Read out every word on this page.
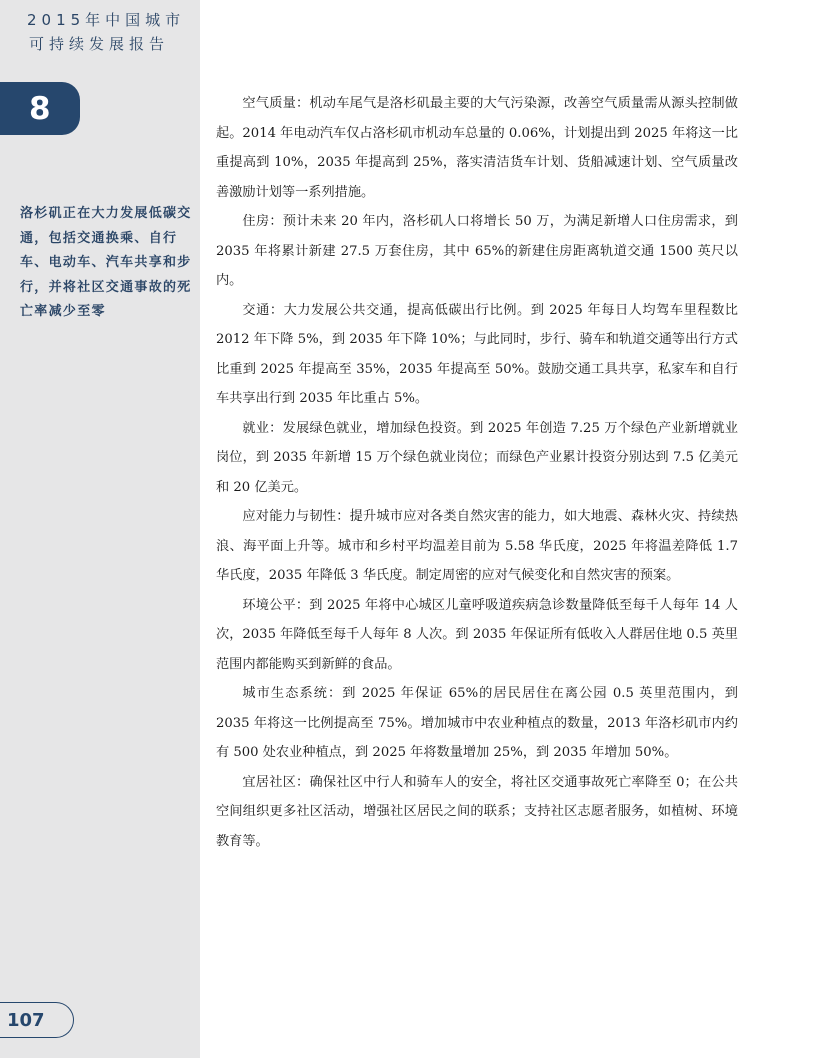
2015年中国城市
可持续发展报告
8
洛杉矶正在大力发展低碳交通，包括交通换乘、自行车、电动车、汽车共享和步行，并将社区交通事故的死亡率减少至零
107

空气质量：机动车尾气是洛杉矶最主要的大气污染源，改善空气质量需从源头控制做起。2014 年电动汽车仅占洛杉矶市机动车总量的 0.06%，计划提出到 2025 年将这一比重提高到 10%，2035 年提高到 25%，落实清洁货车计划、货船减速计划、空气质量改善激励计划等一系列措施。

住房：预计未来 20 年内，洛杉矶人口将增长 50 万，为满足新增人口住房需求，到 2035 年将累计新建 27.5 万套住房，其中 65%的新建住房距离轨道交通 1500 英尺以内。

交通：大力发展公共交通，提高低碳出行比例。到 2025 年每日人均驾车里程数比 2012 年下降 5%，到 2035 年下降 10%；与此同时，步行、骑车和轨道交通等出行方式比重到 2025 年提高至 35%，2035 年提高至 50%。鼓励交通工具共享，私家车和自行车共享出行到 2035 年比重占 5%。

就业：发展绿色就业，增加绿色投资。到 2025 年创造 7.25 万个绿色产业新增就业岗位，到 2035 年新增 15 万个绿色就业岗位；而绿色产业累计投资分别达到 7.5 亿美元和 20 亿美元。

应对能力与韧性：提升城市应对各类自然灾害的能力，如大地震、森林火灾、持续热浪、海平面上升等。城市和乡村平均温差目前为 5.58 华氏度，2025 年将温差降低 1.7 华氏度，2035 年降低 3 华氏度。制定周密的应对气候变化和自然灾害的预案。

环境公平：到 2025 年将中心城区儿童呼吸道疾病急诊数量降低至每千人每年 14 人次，2035 年降低至每千人每年 8 人次。到 2035 年保证所有低收入人群居住地 0.5 英里范围内都能购买到新鲜的食品。

城市生态系统：到 2025 年保证 65%的居民居住在离公园 0.5 英里范围内，到 2035 年将这一比例提高至 75%。增加城市中农业种植点的数量，2013 年洛杉矶市内约有 500 处农业种植点，到 2025 年将数量增加 25%，到 2035 年增加 50%。

宜居社区：确保社区中行人和骑车人的安全，将社区交通事故死亡率降至 0；在公共空间组织更多社区活动，增强社区居民之间的联系；支持社区志愿者服务，如植树、环境教育等。
